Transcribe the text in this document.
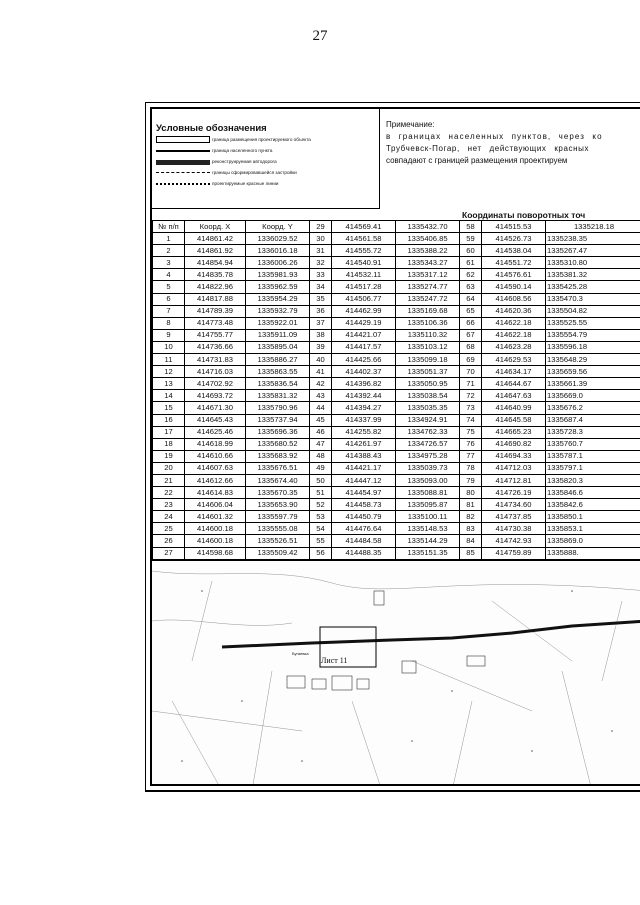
27
Условные обозначения
граница размещения проектируемого объекта
граница населенного пункта
реконструируемая автодорога
границы сформировавшейся застройки
проектируемые красные линии
Примечание:
в границах населенных пунктов, через ко
Трубчевск-Погар, нет действующих красных
совпадают с границей размещения проектируем
Координаты поворотных точ
№ п/п	Коорд. X	Коорд. Y	29	414569.41	1335432.70	58	414515.53	1335218.18
1	414861.42	1336029.52	30	414561.58	1335406.85	59	414526.73	1335238.35
2	414861.92	1336016.18	31	414555.72	1335388.22	60	414538.04	1335267.47
3	414854.94	1336006.26	32	414540.91	1335343.27	61	414551.72	1335310.80
4	414835.78	1335981.93	33	414532.11	1335317.12	62	414576.61	1335381.32
5	414822.96	1335962.59	34	414517.28	1335274.77	63	414590.14	1335425.28
6	414817.88	1335954.29	35	414506.77	1335247.72	64	414608.56	1335470.3
7	414789.39	1335932.79	36	414462.99	1335169.68	65	414620.36	1335504.82
8	414773.48	1335922.01	37	414429.19	1335106.36	66	414622.18	1335525.55
9	414755.77	1335911.09	38	414421.07	1335110.32	67	414622.18	1335554.79
10	414736.66	1335895.04	39	414417.57	1335103.12	68	414623.28	1335596.18
11	414731.83	1335886.27	40	414425.66	1335099.18	69	414629.53	1335648.29
12	414716.03	1335863.55	41	414402.37	1335051.37	70	414634.17	1335659.56
13	414702.92	1335836.54	42	414396.82	1335050.95	71	414644.67	1335661.39
14	414693.72	1335831.32	43	414392.44	1335038.54	72	414647.63	1335669.0
15	414671.30	1335790.96	44	414394.27	1335035.35	73	414640.99	1335676.2
16	414645.43	1335737.94	45	414337.99	1334924.91	74	414645.58	1335687.4
17	414625.46	1335696.36	46	414255.82	1334762.33	75	414665.23	1335728.3
18	414618.99	1335680.52	47	414261.97	1334726.57	76	414690.82	1335760.7
19	414610.66	1335683.92	48	414388.43	1334975.28	77	414694.33	1335787.1
20	414607.63	1335676.51	49	414421.17	1335039.73	78	414712.03	1335797.1
21	414612.66	1335674.40	50	414447.12	1335093.00	79	414712.81	1335820.3
22	414614.83	1335670.35	51	414454.97	1335088.81	80	414726.19	1335846.6
23	414606.04	1335653.90	52	414458.73	1335095.87	81	414734.60	1335842.6
24	414601.32	1335597.79	53	414450.79	1335100.11	82	414737.85	1335850.1
25	414600.18	1335555.08	54	414476.64	1335148.53	83	414730.38	1335853.1
26	414600.18	1335526.51	55	414484.58	1335144.29	84	414742.93	1335869.0
27	414598.68	1335509.42	56	414488.35	1335151.35	85	414759.89	1335888.

Лист 11
Бугаевка
